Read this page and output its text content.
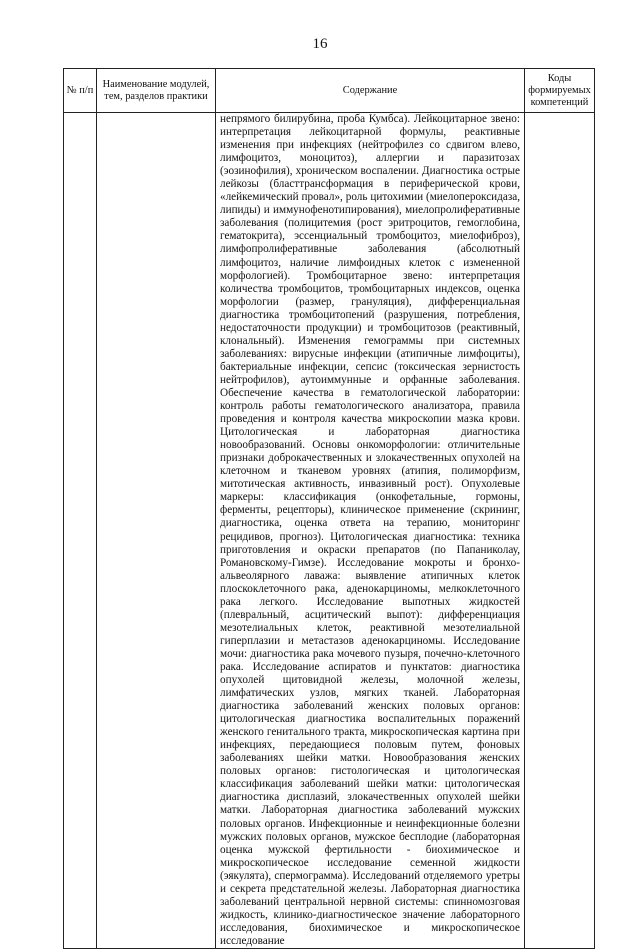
16
№ п/п	Наименование модулей, тем, разделов практики	Содержание	Коды формируемых компетенций

		непрямого билирубина, проба Кумбса). Лейкоцитарное звено: интерпретация лейкоцитарной формулы, реактивные изменения при инфекциях (нейтрофилез со сдвигом влево, лимфоцитоз, моноцитоз), аллергии и паразитозах (эозинофилия), хроническом воспалении. Диагностика острые лейкозы (бласттрансформация в периферической крови, «лейкемический провал», роль цитохимии (миелопероксидаза, липиды) и иммунофенотипирования), миелопролиферативные заболевания (полицитемия (рост эритроцитов, гемоглобина, гематокрита), эссенциальный тромбоцитоз, миелофиброз), лимфопролиферативные заболевания (абсолютный лимфоцитоз, наличие лимфоидных клеток с измененной морфологией). Тромбоцитарное звено: интерпретация количества тромбоцитов, тромбоцитарных индексов, оценка морфологии (размер, грануляция), дифференциальная диагностика тромбоцитопений (разрушения, потребления, недостаточности продукции) и тромбоцитозов (реактивный, клональный). Изменения гемограммы при системных заболеваниях: вирусные инфекции (атипичные лимфоциты), бактериальные инфекции, сепсис (токсическая зернистость нейтрофилов), аутоиммунные и орфанные заболевания. Обеспечение качества в гематологической лаборатории: контроль работы гематологического анализатора, правила проведения и контроля качества микроскопии мазка крови. Цитологическая и лабораторная диагностика новообразований. Основы онкоморфологии: отличительные признаки доброкачественных и злокачественных опухолей на клеточном и тканевом уровнях (атипия, полиморфизм, митотическая активность, инвазивный рост). Опухолевые маркеры: классификация (онкофетальные, гормоны, ферменты, рецепторы), клиническое применение (скрининг, диагностика, оценка ответа на терапию, мониторинг рецидивов, прогноз). Цитологическая диагностика: техника приготовления и окраски препаратов (по Папаниколау, Романовскому-Гимзе). Исследование мокроты и бронхо-альвеолярного лаважа: выявление атипичных клеток плоскоклеточного рака, аденокарциномы, мелкоклеточного рака легкого. Исследование выпотных жидкостей (плевральный, асцитический выпот): дифференциация мезотелиальных клеток, реактивной мезотелиальной гиперплазии и метастазов аденокарциномы. Исследование мочи: диагностика рака мочевого пузыря, почечно-клеточного рака. Исследование аспиратов и пунктатов: диагностика опухолей щитовидной железы, молочной железы, лимфатических узлов, мягких тканей. Лабораторная диагностика заболеваний женских половых органов: цитологическая диагностика воспалительных поражений женского генитального тракта, микроскопическая картина при инфекциях, передающиеся половым путем, фоновых заболеваниях шейки матки. Новообразования женских половых органов: гистологическая и цитологическая классификация заболеваний шейки матки: цитологическая диагностика дисплазий, злокачественных опухолей шейки матки. Лабораторная диагностика заболеваний мужских половых органов. Инфекционные и неинфекционные болезни мужских половых органов, мужское бесплодие (лабораторная оценка мужской фертильности - биохимическое и микроскопическое исследование семенной жидкости (эякулята), спермограмма). Исследований отделяемого уретры и секрета предстательной железы. Лабораторная диагностика заболеваний центральной нервной системы: спинномозговая жидкость, клинико-диагностическое значение лабораторного исследования, биохимическое и микроскопическое исследование	
